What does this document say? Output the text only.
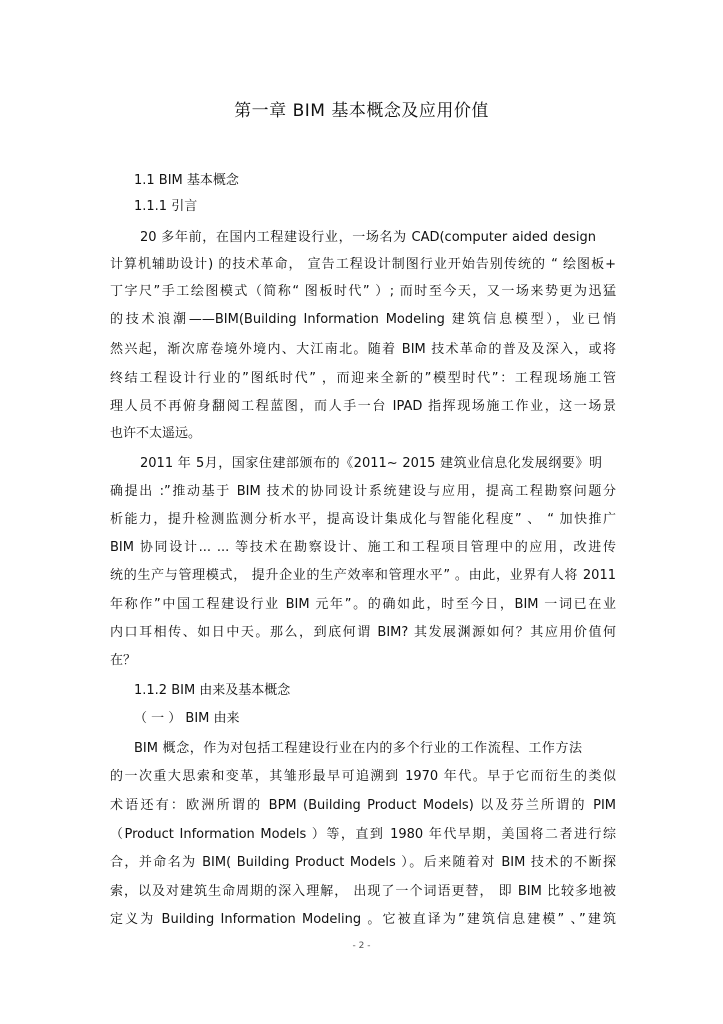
第一章 BIM 基本概念及应用价值
1.1 BIM 基本概念
1.1.1 引言
20 多年前，在国内工程建设行业，一场名为 CAD(computer aided design
计算机辅助设计) 的技术革命， 宣告工程设计制图行业开始告别传统的 “ 绘图板+
丁字尺”手工绘图模式（简称“ 图板时代” ）; 而时至今天，又一场来势更为迅猛
的技术浪潮——BIM(Building Information Modeling 建筑信息模型），业已悄
然兴起，渐次席卷境外境内、大江南北。随着 BIM 技术革命的普及及深入，或将
终结工程设计行业的”图纸时代” ，而迎来全新的”模型时代”：工程现场施工管
理人员不再俯身翻阅工程蓝图，而人手一台 IPAD 指挥现场施工作业，这一场景
也许不太遥远。
2011 年 5月，国家住建部颁布的《2011~ 2015 建筑业信息化发展纲要》明
确提出 :”推动基于 BIM 技术的协同设计系统建设与应用，提高工程勘察问题分
析能力，提升检测监测分析水平，提高设计集成化与智能化程度” 、 “ 加快推广
BIM 协同设计... ... 等技术在勘察设计、施工和工程项目管理中的应用，改进传
统的生产与管理模式， 提升企业的生产效率和管理水平” 。由此，业界有人将 2011
年称作”中国工程建设行业 BIM 元年”。的确如此，时至今日，BIM 一词已在业
内口耳相传、如日中天。那么，到底何谓 BIM? 其发展渊源如何？其应用价值何
在？
1.1.2 BIM 由来及基本概念
（ 一 ） BIM 由来
BIM 概念，作为对包括工程建设行业在内的多个行业的工作流程、工作方法
的一次重大思索和变革，其雏形最早可追溯到 1970 年代。早于它而衍生的类似
术语还有：欧洲所谓的 BPM (Building Product Models) 以及芬兰所谓的 PIM
（Product Information Models ）等，直到 1980 年代早期，美国将二者进行综
合，并命名为 BIM( Building Product Models ）。后来随着对 BIM 技术的不断探
索，以及对建筑生命周期的深入理解， 出现了一个词语更替， 即 BIM 比较多地被
定义为 Building Information Modeling 。它被直译为”建筑信息建模” 、”建筑
- 2 -
